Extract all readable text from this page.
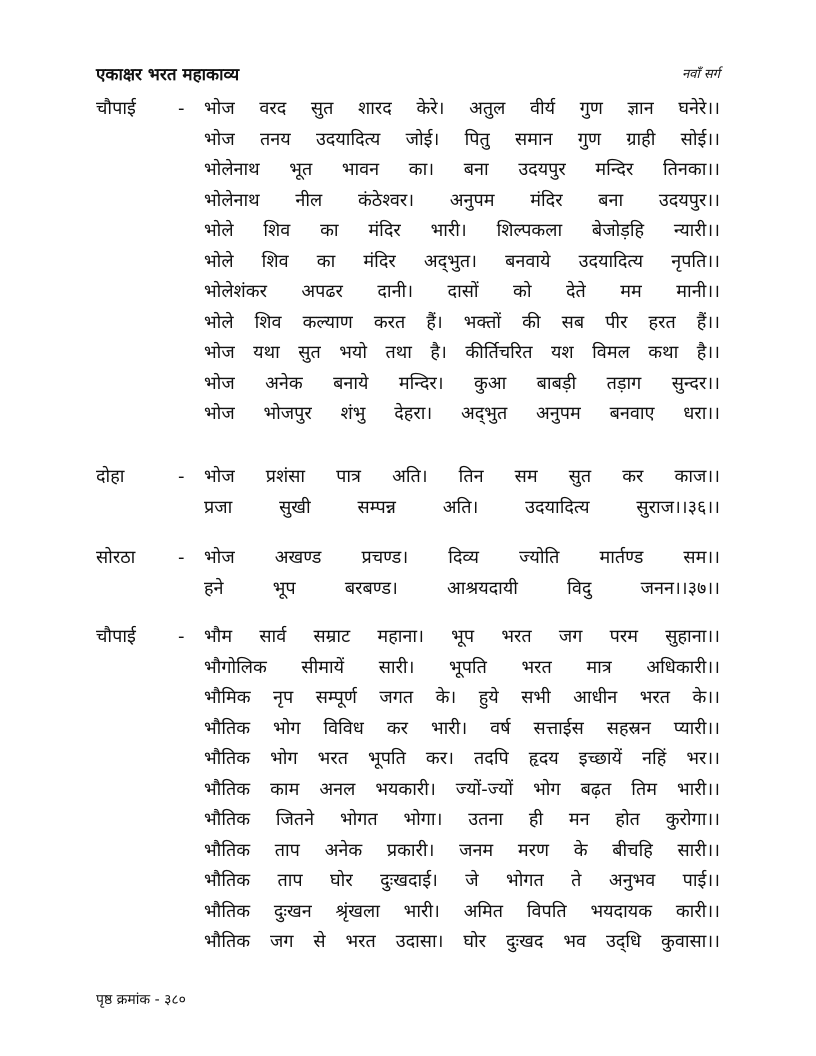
एकाक्षर भरत महाकाव्य	नवाँ सर्ग
चौपाई - भोज वरद सुत शारद केरे। अतुल वीर्य गुण ज्ञान घनेरे।।
भोज तनय उदयादित्य जोई। पितु समान गुण ग्राही सोई।।
भोलेनाथ भूत भावन का। बना उदयपुर मन्दिर तिनका।।
भोलेनाथ नील कंठेश्वर। अनुपम मंदिर बना उदयपुर।।
भोले शिव का मंदिर भारी। शिल्पकला बेजोड़हि न्यारी।।
भोले शिव का मंदिर अद्‌भुत। बनवाये उदयादित्य नृपति।।
भोलेशंकर अपढर दानी। दासों को देते मम मानी।।
भोले शिव कल्याण करत हैं। भक्तों की सब पीर हरत हैं।।
भोज यथा सुत भयो तथा है। कीर्तिचरित यश विमल कथा है।।
भोज अनेक बनाये मन्दिर। कुआ बाबड़ी तड़ाग सुन्दर।।
भोज भोजपुर शंभु देहरा। अद्‌भुत अनुपम बनवाए धरा।।
दोहा	- भोज प्रशंसा पात्र अति। तिन सम सुत कर काज।।
प्रजा सुखी सम्पन्न अति। उदयादित्य सुराज।।३६।।
सोरठा - भोज अखण्ड प्रचण्ड। दिव्य ज्योति मार्तण्ड सम।।
हने भूप बरबण्ड। आश्रयदायी विदु जनन।।३७।।
चौपाई - भौम सार्व सम्राट महाना। भूप भरत जग परम सुहाना।।
भौगोलिक सीमायें सारी। भूपति भरत मात्र अधिकारी।।
भौमिक नृप सम्पूर्ण जगत के। हुये सभी आधीन भरत के।।
भौतिक भोग विविध कर भारी। वर्ष सत्ताईस सहस्रन प्यारी।।
भौतिक भोग भरत भूपति कर। तदपि हृदय इच्छायें नहिं भर।।
भौतिक काम अनल भयकारी। ज्यों-ज्यों भोग बढ़त तिम भारी।।
भौतिक जितने भोगत भोगा। उतना ही मन होत कुरोगा।।
भौतिक ताप अनेक प्रकारी। जनम मरण के बीचहि सारी।।
भौतिक ताप घोर दुःखदाई। जे भोगत ते अनुभव पाई।।
भौतिक दुःखन श्रृंखला भारी। अमित विपति भयदायक कारी।।
भौतिक जग से भरत उदासा। घोर दुःखद भव उद्‌धि कुवासा।।
पृष्ठ क्रमांक - ३८०
